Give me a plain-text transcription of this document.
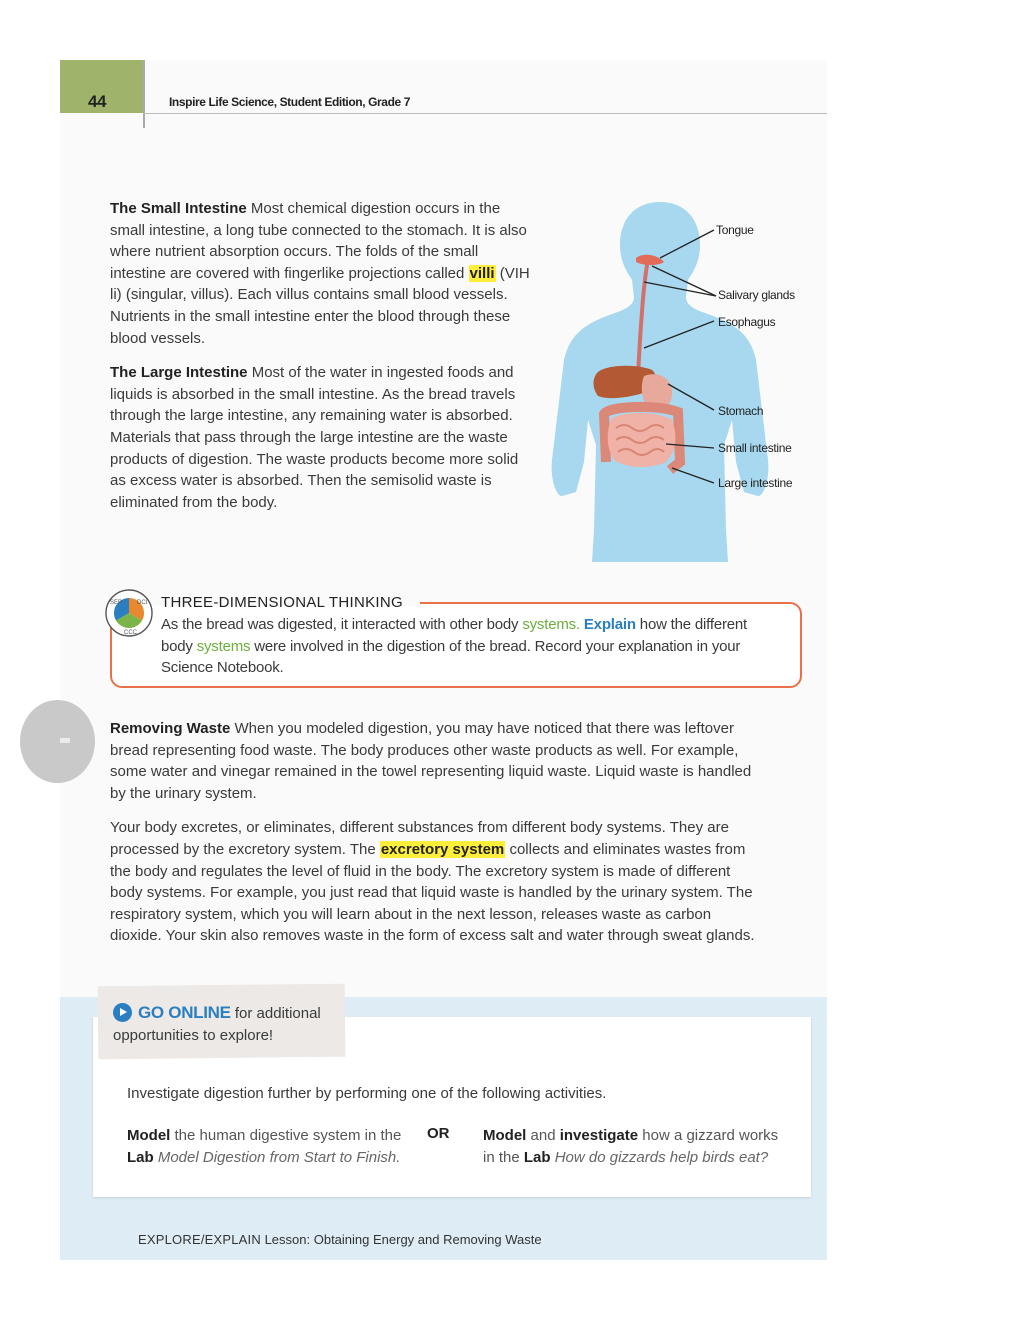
44	Inspire Life Science, Student Edition, Grade 7

The Small Intestine Most chemical digestion occurs in the small intestine, a long tube connected to the stomach. It is also where nutrient absorption occurs. The folds of the small intestine are covered with fingerlike projections called villi (VIH li) (singular, villus). Each villus contains small blood vessels. Nutrients in the small intestine enter the blood through these blood vessels.

The Large Intestine Most of the water in ingested foods and liquids is absorbed in the small intestine. As the bread travels through the large intestine, any remaining water is absorbed. Materials that pass through the large intestine are the waste products of digestion. The waste products become more solid as excess water is absorbed. Then the semisolid waste is eliminated from the body.

Tongue
Salivary glands
Esophagus
Stomach
Small intestine
Large intestine
SEP DCI
CCC
THREE-DIMENSIONAL THINKING
As the bread was digested, it interacted with other body systems. Explain how the different body systems were involved in the digestion of the bread. Record your explanation in your Science Notebook.

Removing Waste When you modeled digestion, you may have noticed that there was leftover bread representing food waste. The body produces other waste products as well. For example, some water and vinegar remained in the towel representing liquid waste. Liquid waste is handled by the urinary system.

Your body excretes, or eliminates, different substances from different body systems. They are processed by the excretory system. The excretory system collects and eliminates wastes from the body and regulates the level of fluid in the body. The excretory system is made of different body systems. For example, you just read that liquid waste is handled by the urinary system. The respiratory system, which you will learn about in the next lesson, releases waste as carbon dioxide. Your skin also removes waste in the form of excess salt and water through sweat glands.

GO ONLINE for additional
opportunities to explore!
Investigate digestion further by performing one of the following activities.
Model the human digestive system in the Lab Model Digestion from Start to Finish.
OR Model and investigate how a gizzard works in the Lab How do gizzards help birds eat?
EXPLORE/EXPLAIN Lesson: Obtaining Energy and Removing Waste
